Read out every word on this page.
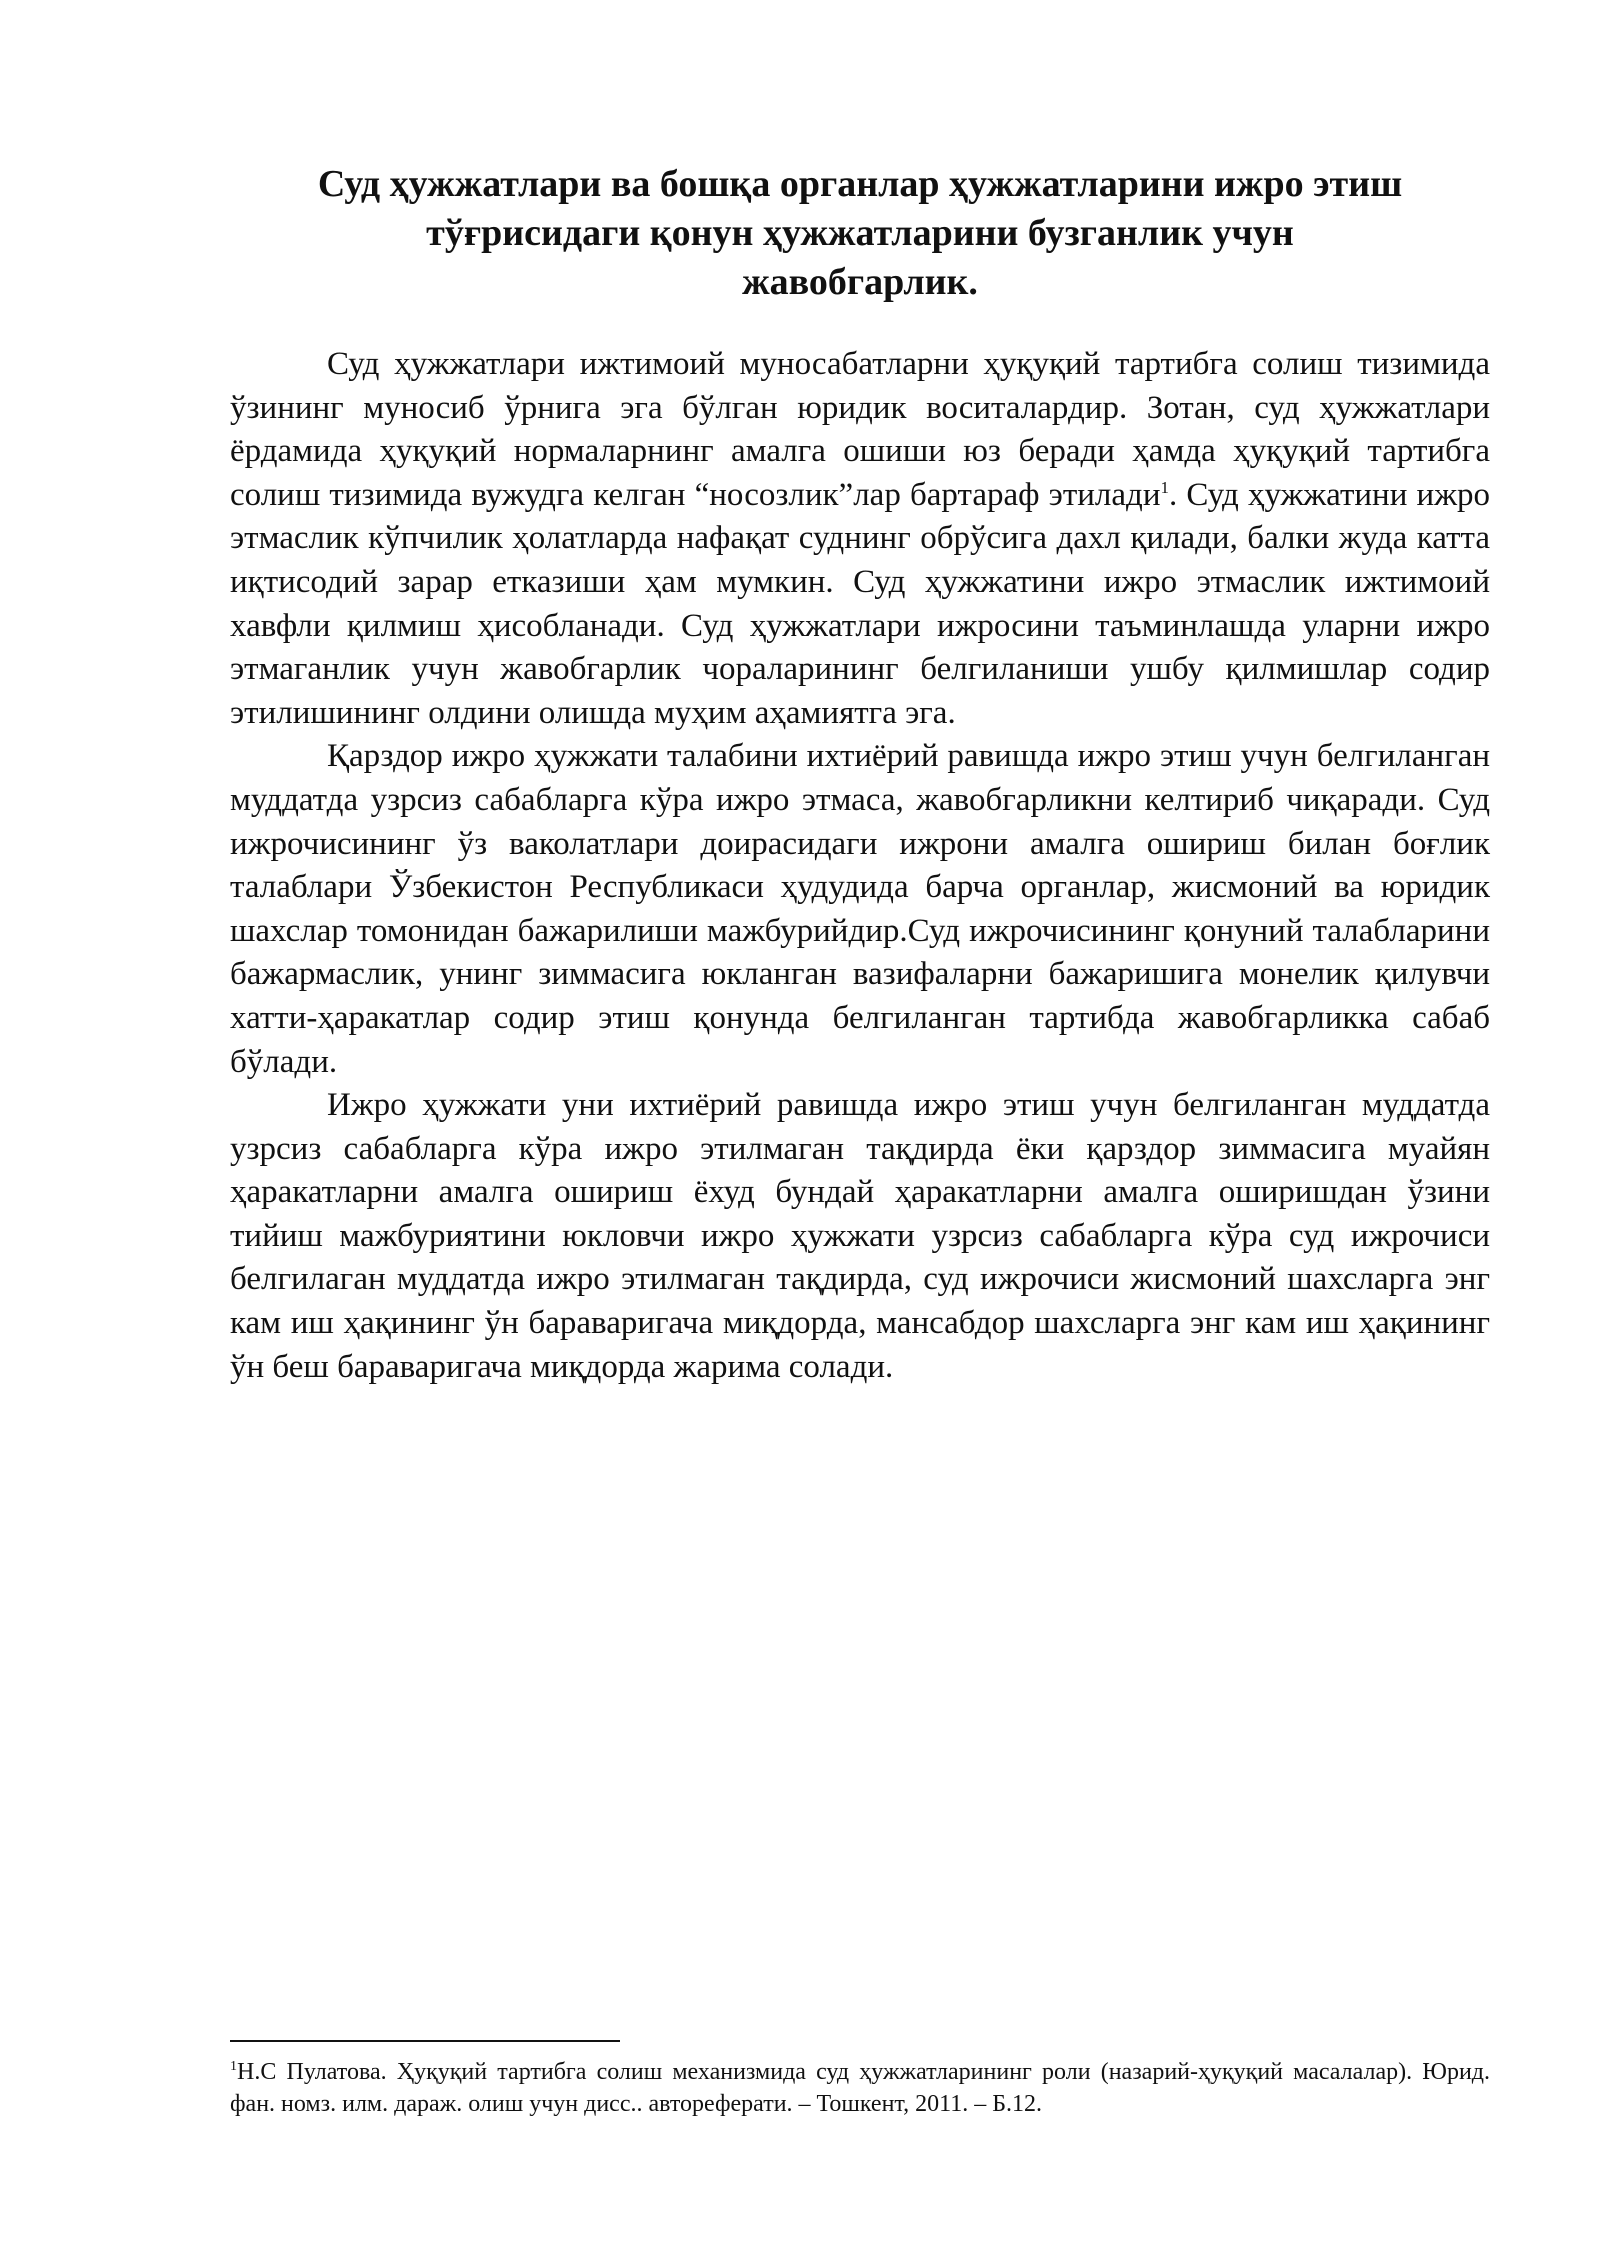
Суд ҳужжатлари ва бошқа органлар ҳужжатларини ижро этиш
тўғрисидаги қонун ҳужжатларини бузганлик учун
жавобгарлик.

Суд ҳужжатлари ижтимоий муносабатларни ҳуқуқий тартибга солиш тизимида ўзининг муносиб ўрнига эга бўлган юридик воситалардир. Зотан, суд ҳужжатлари ёрдамида ҳуқуқий нормаларнинг амалга ошиши юз беради ҳамда ҳуқуқий тартибга солиш тизимида вужудга келган “носозлик”лар бартараф этилади$^1$. Суд ҳужжатини ижро этмаслик кўпчилик ҳолатларда нафақат суднинг обрўсига дахл қилади, балки жуда катта иқтисодий зарар етказиши ҳам мумкин. Суд ҳужжатини ижро этмаслик ижтимоий хавфли қилмиш ҳисобланади. Суд ҳужжатлари ижросини таъминлашда уларни ижро этмаганлик учун жавобгарлик чораларининг белгиланиши ушбу қилмишлар содир этилишининг олдини олишда муҳим аҳамиятга эга.

Қарздор ижро ҳужжати талабини ихтиёрий равишда ижро этиш учун белгиланган муддатда узрсиз сабабларга кўра ижро этмаса, жавобгарликни келтириб чиқаради. Суд ижрочисининг ўз ваколатлари доирасидаги ижрони амалга ошириш билан боғлик талаблари Ўзбекистон Республикаси ҳудудида барча органлар, жисмоний ва юридик шахслар томонидан бажарилиши мажбурийдир.Суд ижрочисининг қонуний талабларини бажармаслик, унинг зиммасига юкланган вазифаларни бажаришига монелик қилувчи хатти-ҳаракатлар содир этиш қонунда белгиланган тартибда жавобгарликка сабаб бўлади.

Ижро ҳужжати уни ихтиёрий равишда ижро этиш учун белгиланган муддатда узрсиз сабабларга кўра ижро этилмаган тақдирда ёки қарздор зиммасига муайян ҳаракатларни амалга ошириш ёхуд бундай ҳаракатларни амалга оширишдан ўзини тийиш мажбуриятини юкловчи ижро ҳужжати узрсиз сабабларга кўра суд ижрочиси белгилаган муддатда ижро этилмаган тақдирда, суд ижрочиси жисмоний шахсларга энг кам иш ҳақининг ўн бараваригача миқдорда, мансабдор шахсларга энг кам иш ҳақининг ўн беш бараваригача миқдорда жарима солади.

$^1$Н.С Пулатова. Ҳуқуқий тартибга солиш механизмида суд ҳужжатларининг роли (назарий-ҳуқуқий масалалар). Юрид. фан. номз. илм. дараж. олиш учун дисс.. автореферати. – Тошкент, 2011. – Б.12.
